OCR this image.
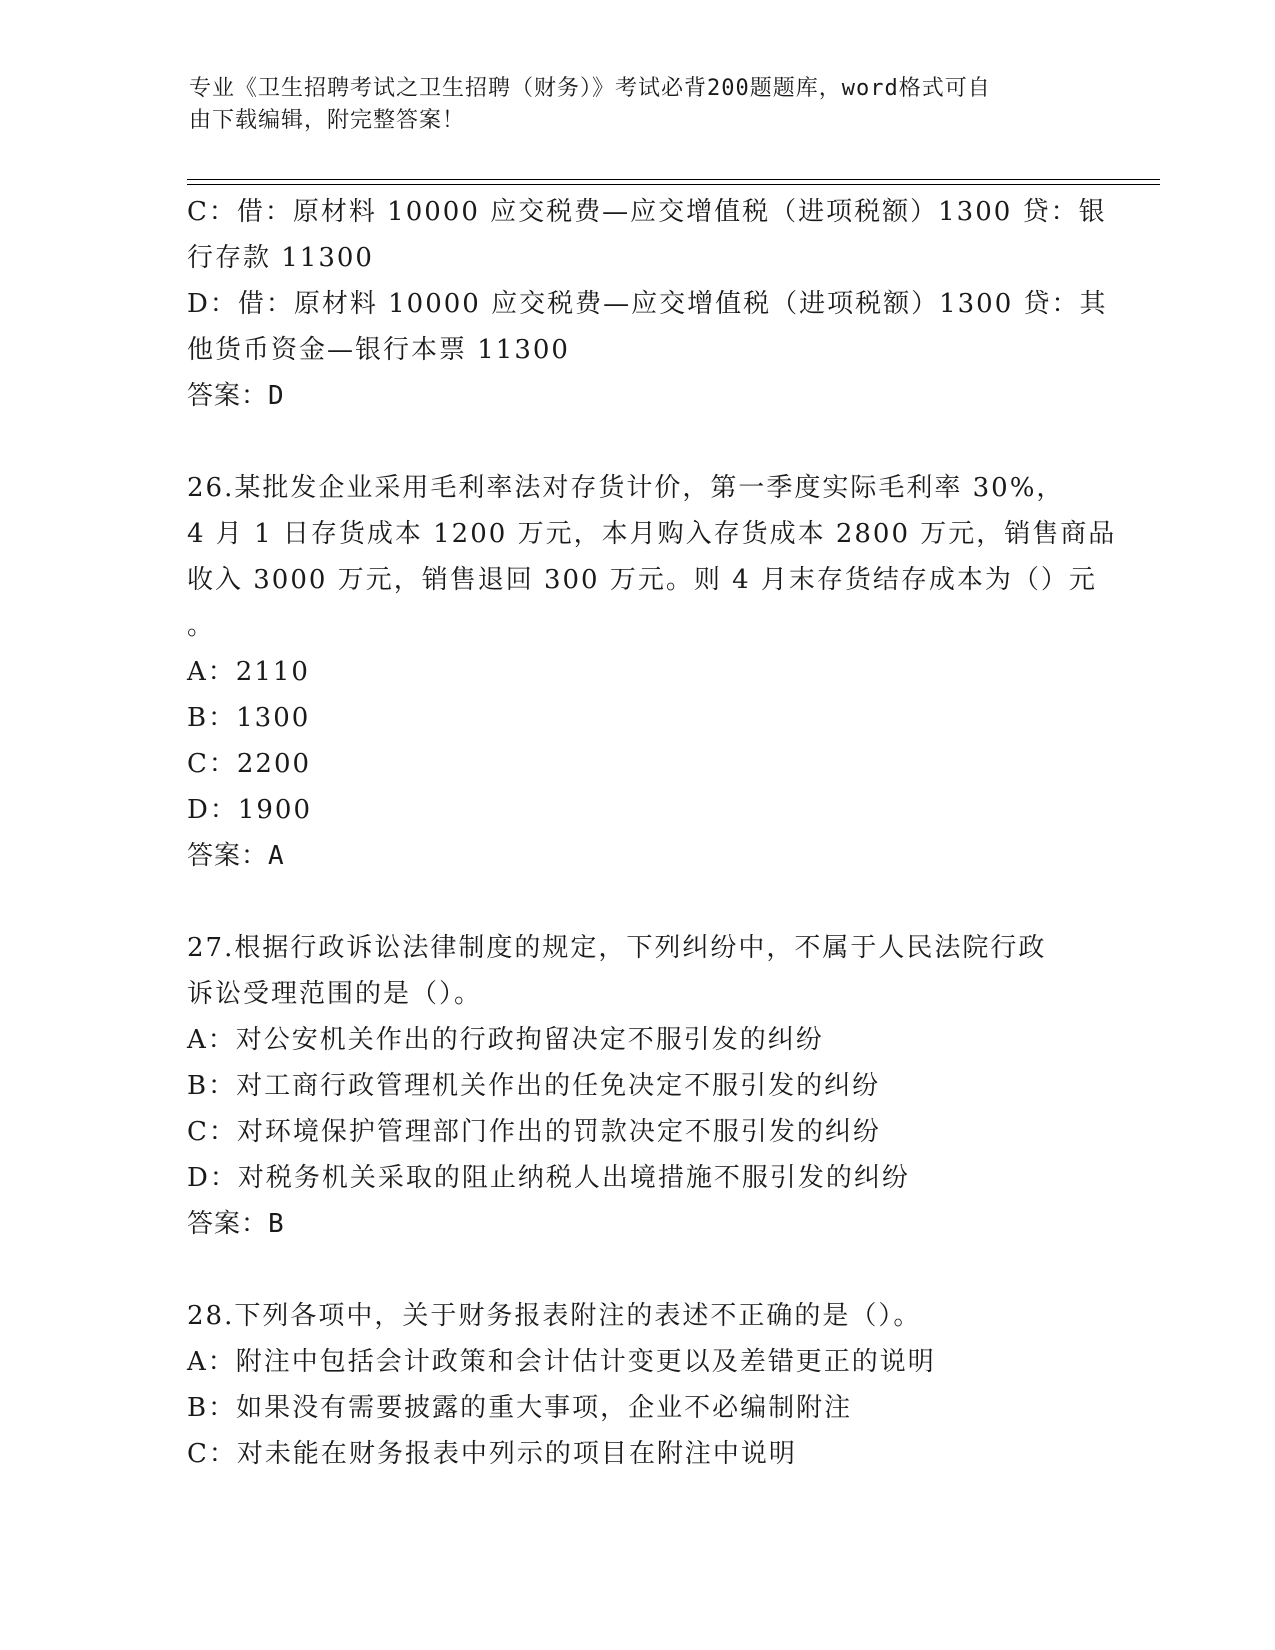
专业《卫生招聘考试之卫生招聘（财务）》考试必背200题题库，word格式可自
由下载编辑，附完整答案！
C：借：原材料 10000 应交税费—应交增值税（进项税额）1300 贷：银
行存款 11300
D：借：原材料 10000 应交税费—应交增值税（进项税额）1300 贷：其
他货币资金—银行本票 11300
答案：D
26.某批发企业采用毛利率法对存货计价，第一季度实际毛利率 30%，
4 月 1 日存货成本 1200 万元，本月购入存货成本 2800 万元，销售商品
收入 3000 万元，销售退回 300 万元。则 4 月末存货结存成本为（）元
。
A：2110
B：1300
C：2200
D：1900
答案：A
27.根据行政诉讼法律制度的规定，下列纠纷中，不属于人民法院行政
诉讼受理范围的是（）。
A：对公安机关作出的行政拘留决定不服引发的纠纷
B：对工商行政管理机关作出的任免决定不服引发的纠纷
C：对环境保护管理部门作出的罚款决定不服引发的纠纷
D：对税务机关采取的阻止纳税人出境措施不服引发的纠纷
答案：B
28.下列各项中，关于财务报表附注的表述不正确的是（）。
A：附注中包括会计政策和会计估计变更以及差错更正的说明
B：如果没有需要披露的重大事项，企业不必编制附注
C：对未能在财务报表中列示的项目在附注中说明
